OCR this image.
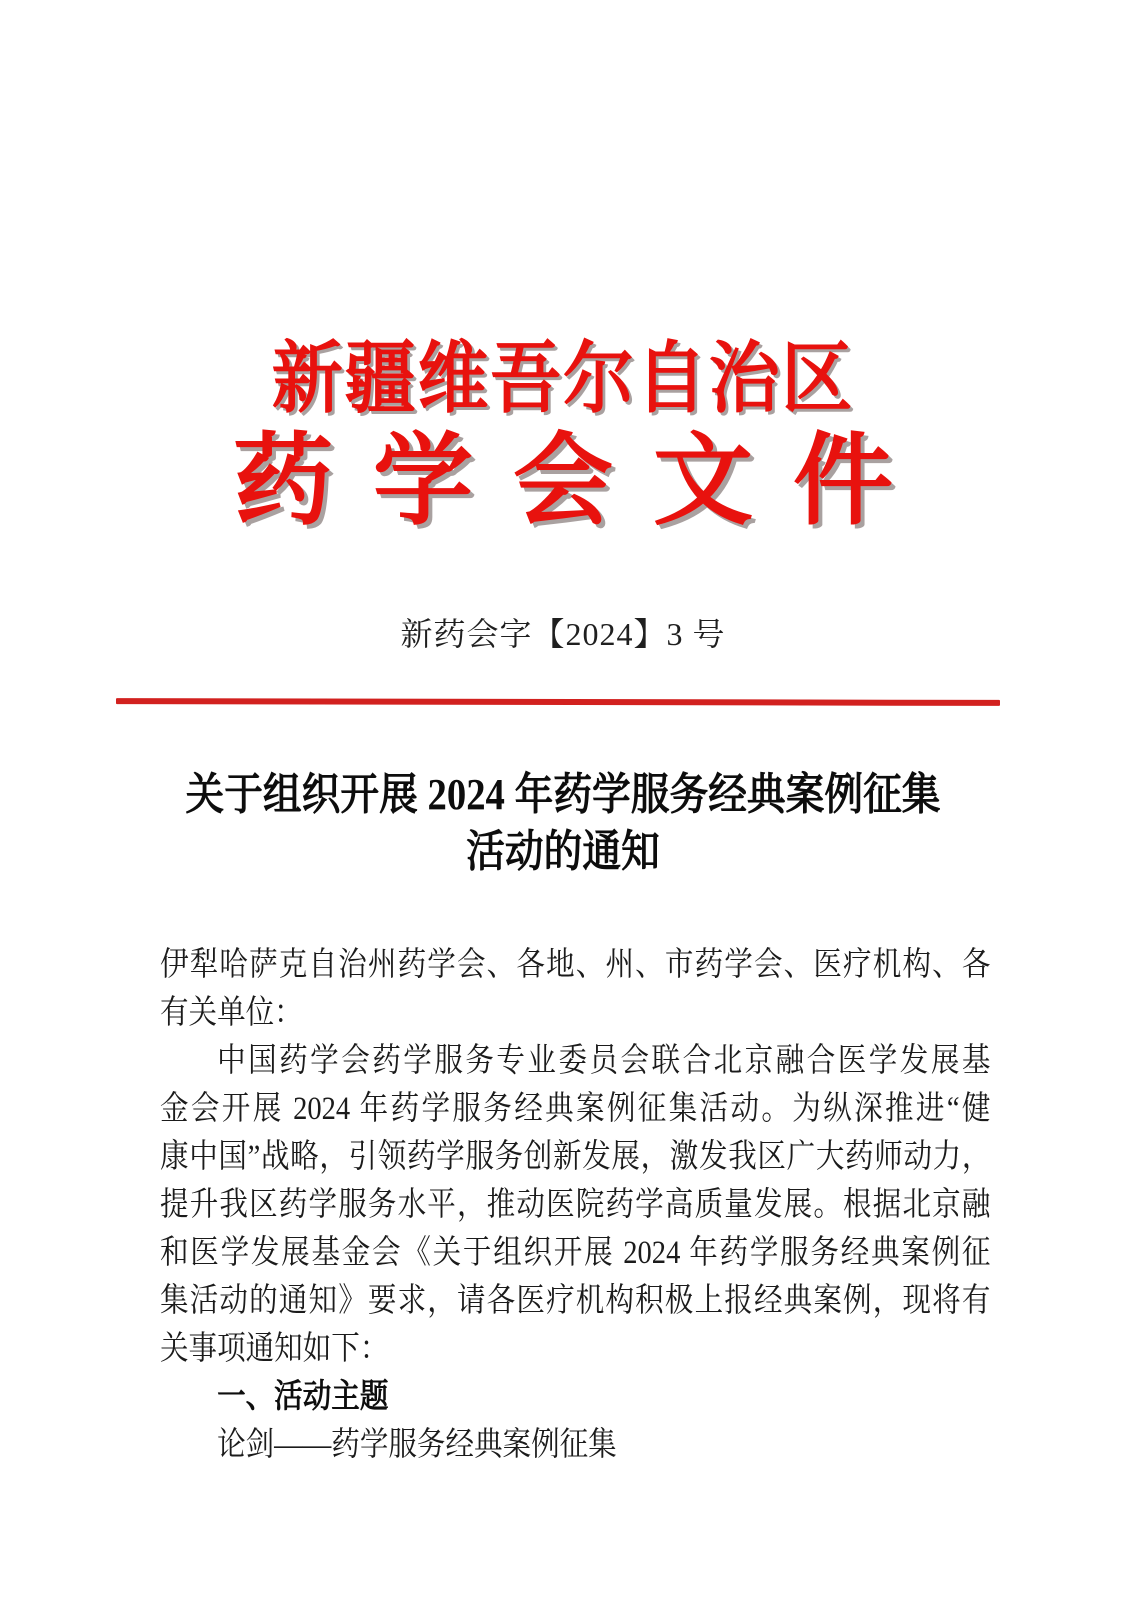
新疆维吾尔自治区
药学会文件
新药会字【2024】3 号
关于组织开展 2024 年药学服务经典案例征集
活动的通知
伊犁哈萨克自治州药学会、各地、州、市药学会、医疗机构、各
有关单位：
中国药学会药学服务专业委员会联合北京融合医学发展基
金会开展 2024 年药学服务经典案例征集活动。为纵深推进“健
康中国”战略，引领药学服务创新发展，激发我区广大药师动力，
提升我区药学服务水平，推动医院药学高质量发展。根据北京融
和医学发展基金会《关于组织开展 2024 年药学服务经典案例征
集活动的通知》要求，请各医疗机构积极上报经典案例，现将有
关事项通知如下：
一、活动主题
论剑——药学服务经典案例征集
